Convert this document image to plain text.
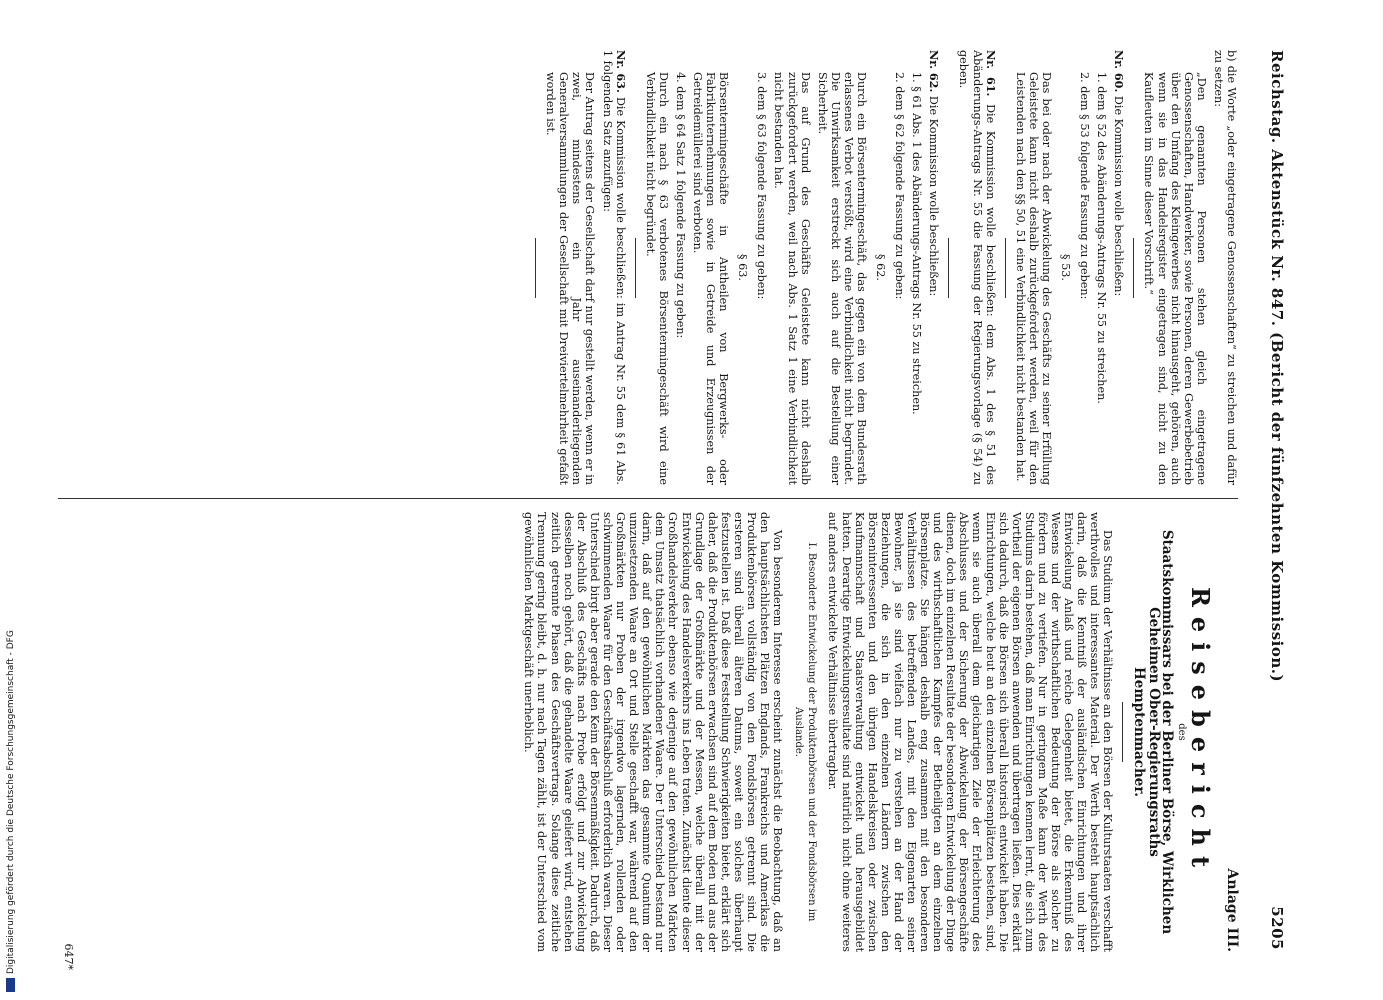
Reichstag. Aktenstück Nr. 847. (Bericht der fünfzehnten Kommission.)
5205

b) die Worte „oder eingetragene Genossenschaften“ zu streichen und dafür zu setzen:

„Den genannten Personen stehen gleich eingetragene Genossenschaften, Handwerker, sowie Personen, deren Gewerbebetrieb über den Umfang des Kleingewerbes nicht hinausgeht, gehören, auch wenn sie in das Handelsregister eingetragen sind, nicht zu den Kaufleuten im Sinne dieser Vorschrift.“

Nr. 60. Die Kommission wolle beschließen:

1. dem § 52 des Abänderungs-Antrags Nr. 55 zu streichen.

2. dem § 53 folgende Fassung zu geben:

§ 53.

Das bei oder nach der Abwickelung des Geschäfts zu seiner Erfüllung Geleistete kann nicht deshalb zurückgefordert werden, weil für den Leistenden nach den §§ 50, 51 eine Verbindlichkeit nicht bestanden hat.

Nr. 61. Die Kommission wolle beschließen: dem Abs. 1 des § 51 des Abänderungs-Antrags Nr. 55 die Fassung der Regierungsvorlage (§ 54) zu geben.

Nr. 62. Die Kommission wolle beschließen:

1. § 61 Abs. 1 des Abänderungs-Antrags Nr. 55 zu streichen.

2. dem § 62 folgende Fassung zu geben:

§ 62.

Durch ein Börsentermingeschäft, das gegen ein von dem Bundesrath erlassenes Verbot verstößt, wird eine Verbindlichkeit nicht begründet. Die Unwirksamkeit erstreckt sich auch auf die Bestellung einer Sicherheit.

Das auf Grund des Geschäfts Geleistete kann nicht deshalb zurückgefordert werden, weil nach Abs. 1 Satz 1 eine Verbindlichkeit nicht bestanden hat.

3. dem § 63 folgende Fassung zu geben:

§ 63.

Börsentermingeschäfte in Antheilen von Bergwerks- oder Fabrikunternehmungen sowie in Getreide und Erzeugnissen der Getreidemüllerei sind verboten.

4. dem § 64 Satz 1 folgende Fassung zu geben:

Durch ein nach § 63 verbotenes Börsentermingeschäft wird eine Verbindlichkeit nicht begründet.

Nr. 63. Die Kommission wolle beschließen: im Antrag Nr. 55 dem § 61 Abs. 1 folgenden Satz anzufügen:

Der Antrag seitens der Gesellschaft darf nur gestellt werden, wenn er in zwei, mindestens ein Jahr auseinanderliegenden Generalversammlungen der Gesellschaft mit Dreiviertelmehrheit gefaßt worden ist.

Anlage III.
Reisebericht
des
Staatskommissars bei der Berliner Börse, Wirklichen Geheimen Ober-Regierungsraths
Hemptenmacher.

Das Studium der Verhältnisse an den Börsen der Kulturstaaten verschafft werthvolles und interessantes Material. Der Werth besteht hauptsächlich darin, daß die Kenntniß der ausländischen Einrichtungen und ihrer Entwickelung Anlaß und reiche Gelegenheit bietet, die Erkenntniß des Wesens und der wirthschaftlichen Bedeutung der Börse als solcher zu fördern und zu vertiefen. Nur in geringem Maße kann der Werth des Studiums darin bestehen, daß man Einrichtungen kennen lernt, die sich zum Vortheil der eigenen Börsen anwenden und übertragen ließen. Dies erklärt sich dadurch, daß die Börsen sich überall historisch entwickelt haben. Die Einrichtungen, welche heut an den einzelnen Börsenplätzen bestehen, sind, wenn sie auch überall dem gleichartigen Ziele der Erleichterung des Abschlusses und der Sicherung der Abwickelung der Börsengeschäfte dienen, doch im einzelnen Resultate der besonderen Entwickelung der Dinge und des wirthschaftlichen Kampfes der Betheiligten an dem einzelnen Börsenplatze. Sie hängen deshalb eng zusammen mit den besonderen Verhältnissen des betreffenden Landes, mit den Eigenarten seiner Bewohner, ja sie sind vielfach nur zu verstehen an der Hand der Beziehungen, die sich in den einzelnen Ländern zwischen den Börseninteressenten und den übrigen Handelskreisen oder zwischen Kaufmannschaft und Staatsverwaltung entwickelt und herausgebildet hatten. Derartige Entwickelungsresultate sind natürlich nicht ohne weiteres auf anders entwickelte Verhältnisse übertragbar.

I. Besonderte Entwickelung der Produktenbörsen und der Fondsbörsen im Auslande.

Von besonderem Interesse erscheint zunächst die Beobachtung, daß an den hauptsächlichsten Plätzen Englands, Frankreichs und Amerikas die Produktenbörsen vollständig von den Fondsbörsen getrennt sind. Die ersteren sind überall älteren Datums, soweit ein solches überhaupt festzustellen ist. Daß diese Feststellung Schwierigkeiten bietet, erklärt sich daher, daß die Produktenbörsen erwachsen sind auf dem Boden und aus der Grundlage der Großmärkte und der Messen, welche überall mit der Entwickelung des Handelsverkehrs ins Leben traten. Zunächst diente dieser Großhandelsverkehr ebenso wie derjenige auf den gewöhnlichen Märkten dem Umsatz thatsächlich vorhandener Waare. Der Unterschied bestand nur darin, daß auf den gewöhnlichen Märkten das gesammte Quantum der umzusetzenden Waare an Ort und Stelle geschafft war, während auf den Großmärkten nur Proben der irgendwo lagernden, rollenden oder schwimmenden Waare für den Geschäftsabschluß erforderlich waren. Dieser Unterschied birgt aber gerade den Keim der Börsenmäßigkeit. Dadurch, daß der Abschluß des Geschäfts nach Probe erfolgt und zur Abwickelung desselben noch gehört, daß die gehandelte Waare geliefert wird, entstehen zeitlich getrennte Phasen des Geschäftsvertrags. Solange diese zeitliche Trennung gering bleibt, d. h. nur nach Tagen zählt, ist der Unterschied vom gewöhnlichen Marktgeschäft unerheblich.

647*
Digitalisierung gefördert durch die Deutsche Forschungsgemeinschaft - DFG
